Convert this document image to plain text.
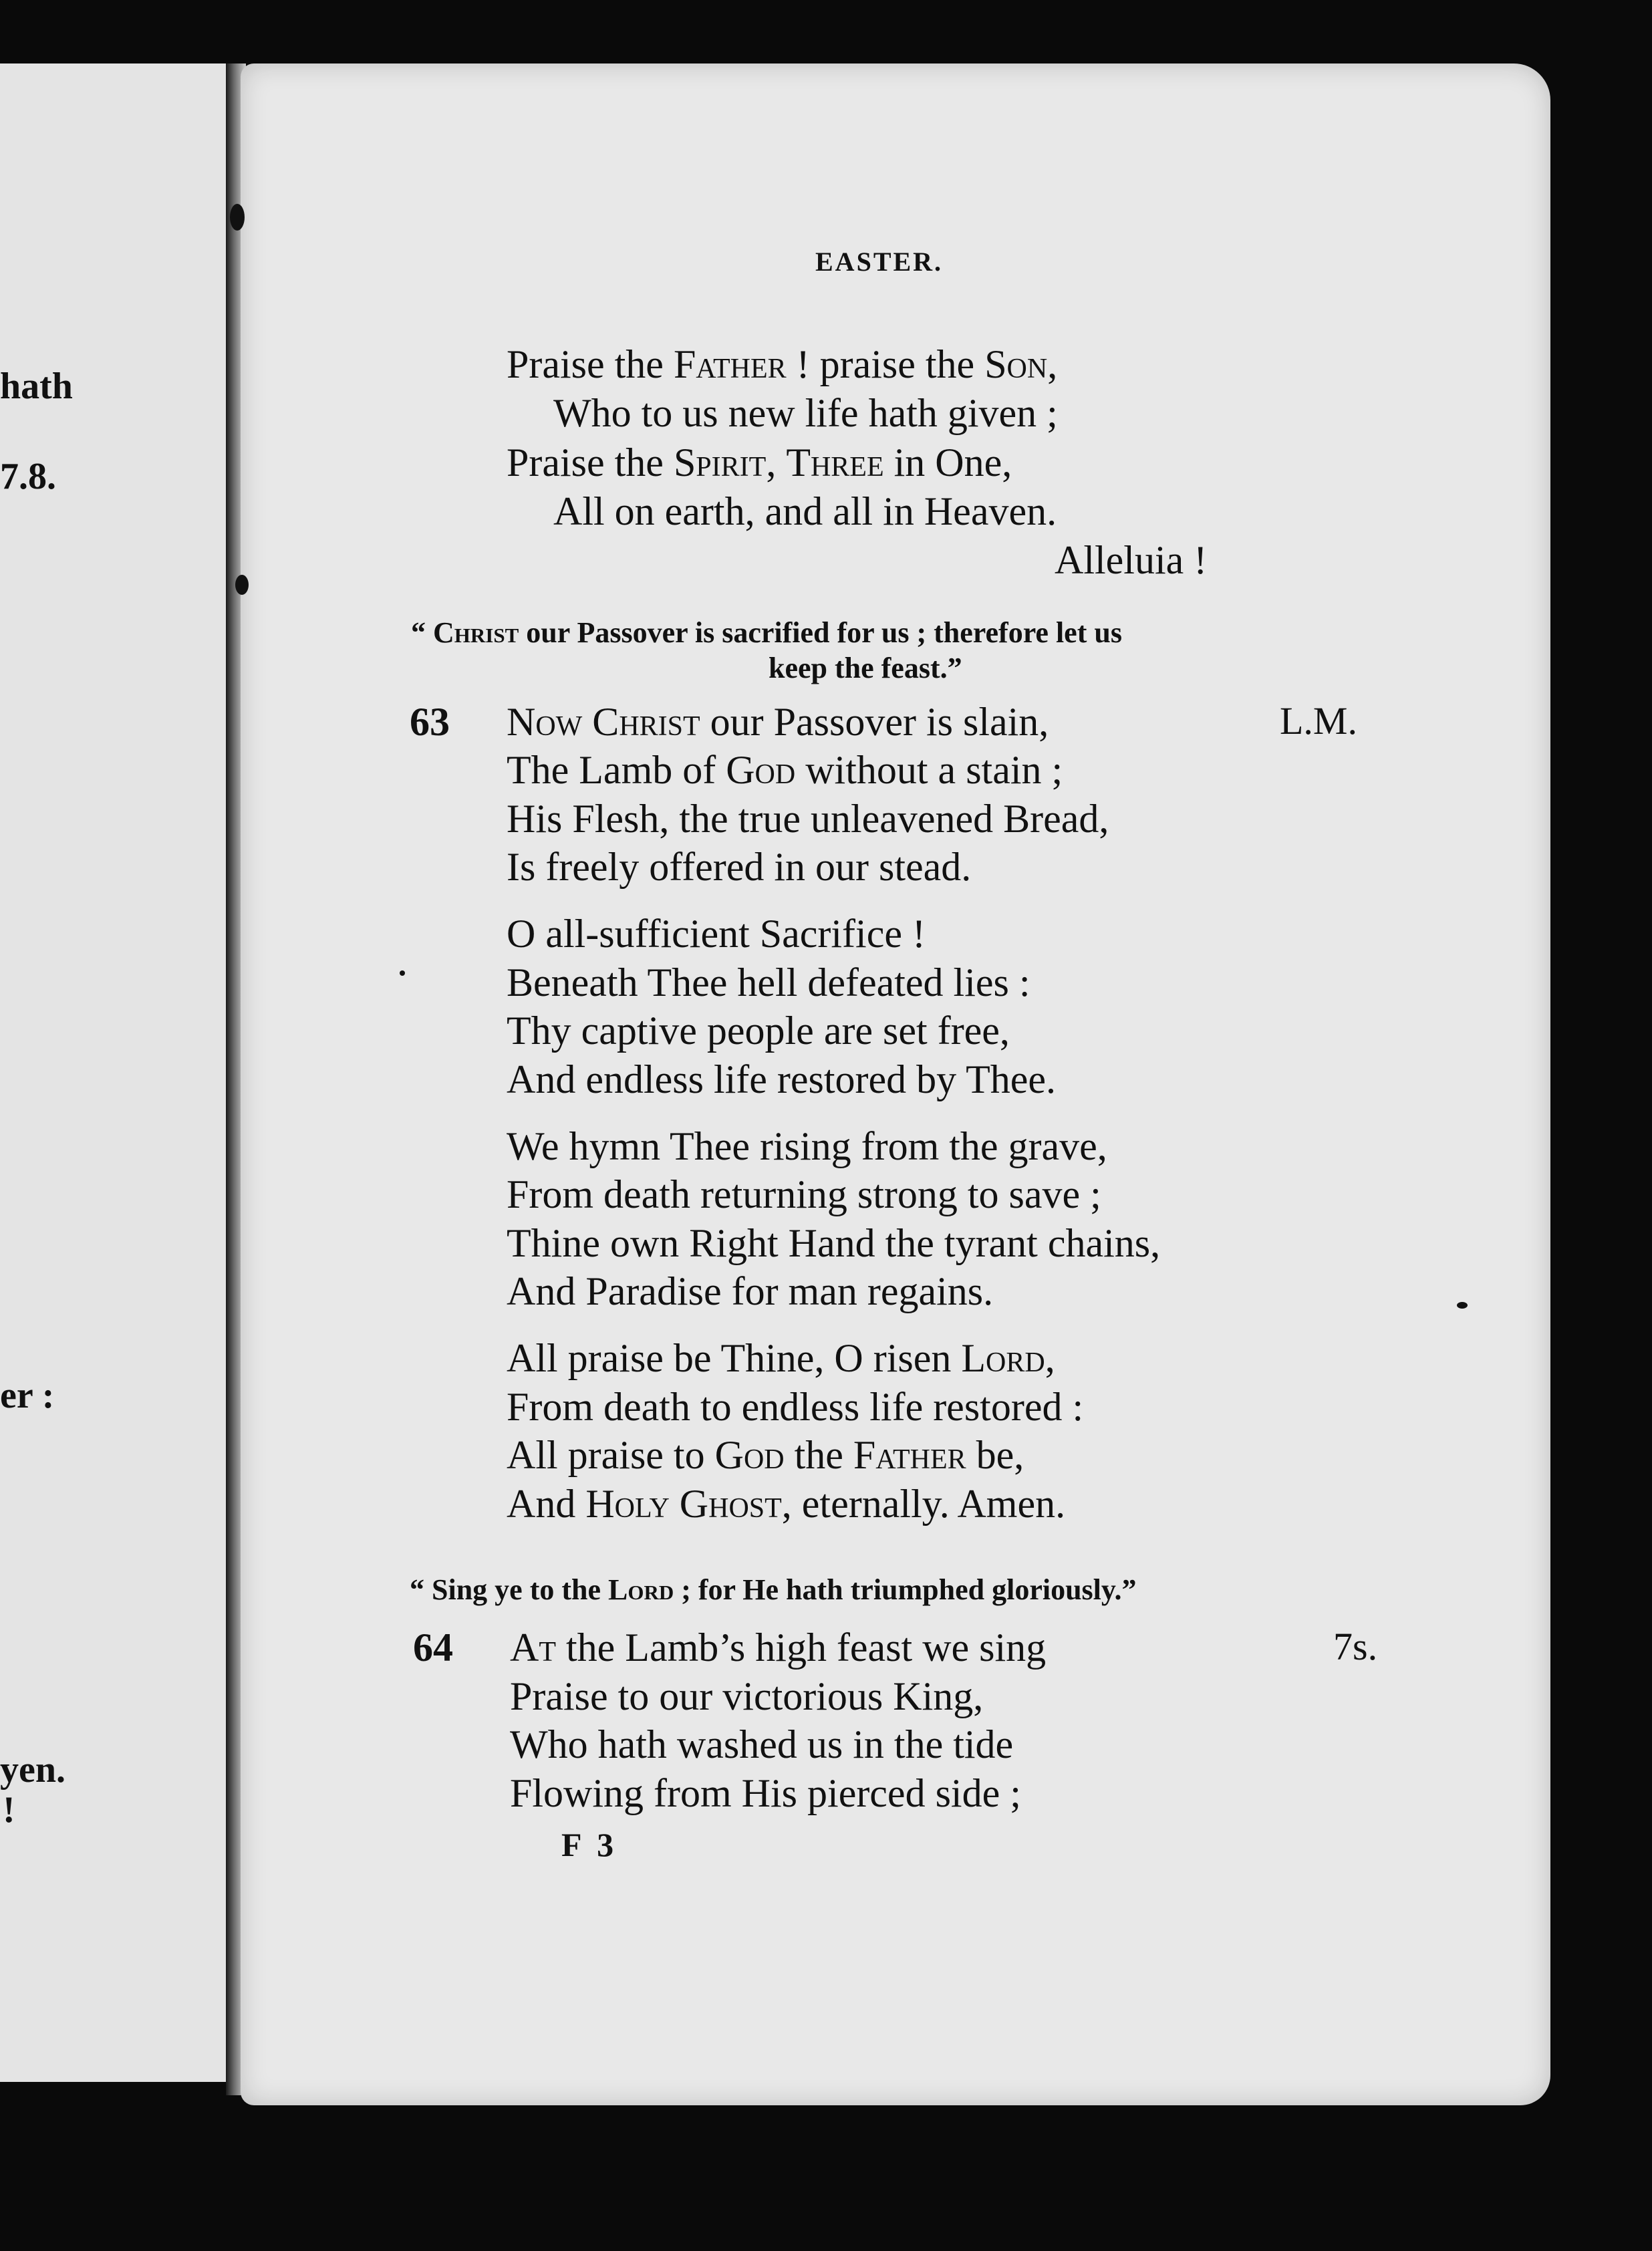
hath
7.8.
er :
yen.
!
EASTER.
Praise the Father ! praise the Son,
Who to us new life hath given ;
Praise the Spirit, Three in One,
All on earth, and all in Heaven.
Alleluia !
“ Christ our Passover is sacrified for us ; therefore let us
keep the feast.”
63	L.M.
Now Christ our Passover is slain,
The Lamb of God without a stain ;
His Flesh, the true unleavened Bread,
Is freely offered in our stead.
O all-sufficient Sacrifice !
Beneath Thee hell defeated lies :
Thy captive people are set free,
And endless life restored by Thee.
We hymn Thee rising from the grave,
From death returning strong to save ;
Thine own Right Hand the tyrant chains,
And Paradise for man regains.
All praise be Thine, O risen Lord,
From death to endless life restored :
All praise to God the Father be,
And Holy Ghost, eternally. Amen.
“ Sing ye to the Lord ; for He hath triumphed gloriously.”
64	7s.
At the Lamb’s high feast we sing
Praise to our victorious King,
Who hath washed us in the tide
Flowing from His pierced side ;
F 3
